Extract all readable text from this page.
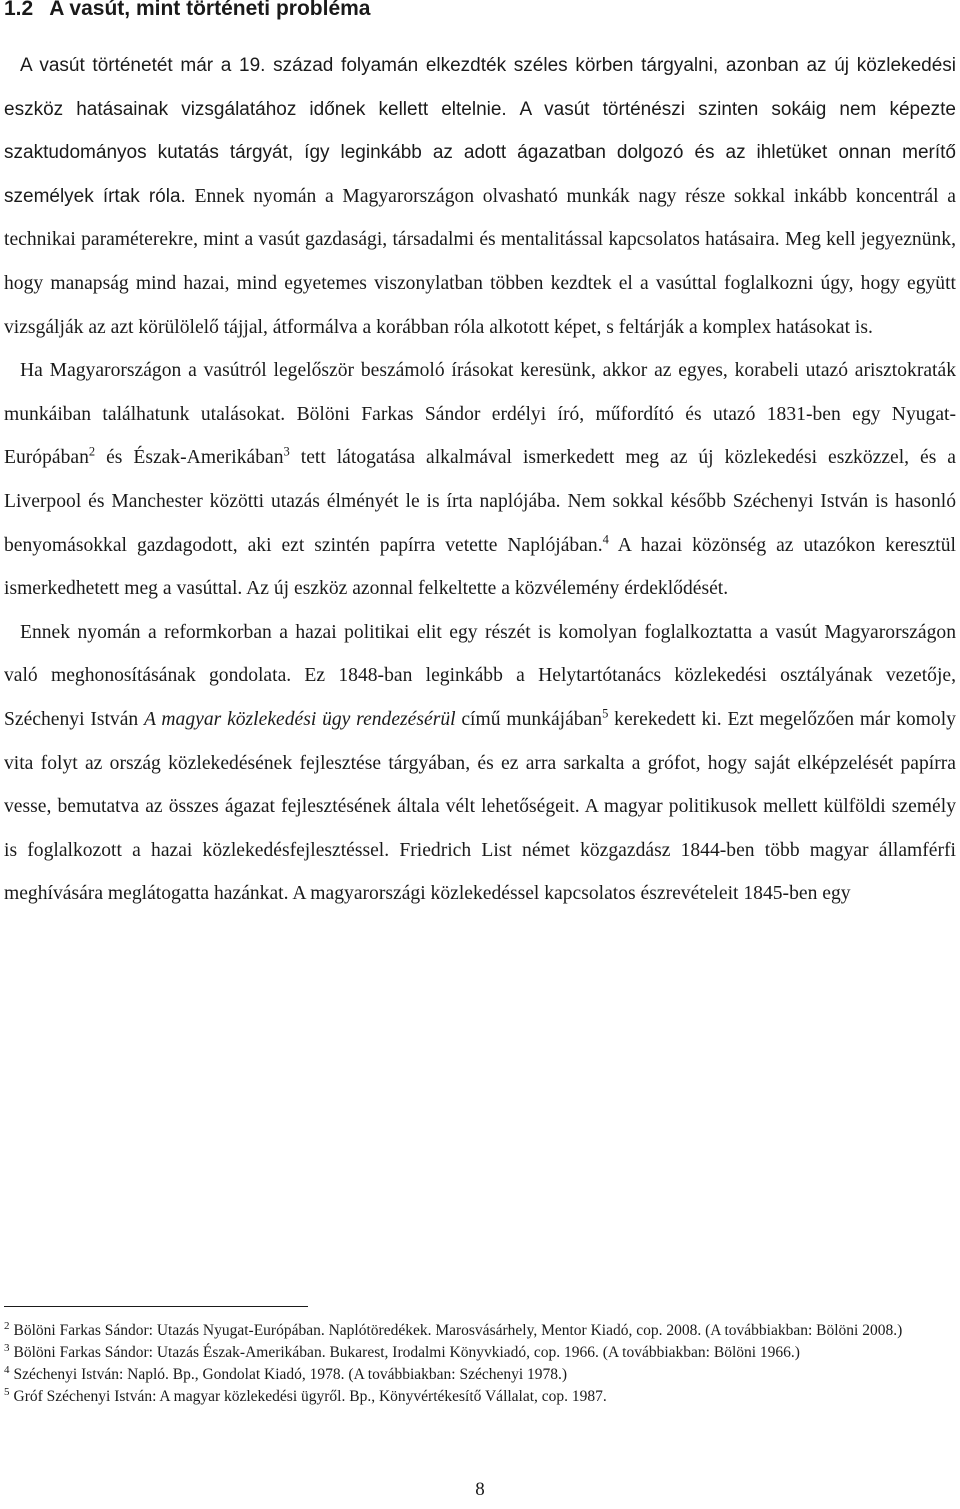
1.2 A vasút, mint történeti probléma

A vasút történetét már a 19. század folyamán elkezdték széles körben tárgyalni, azonban az új közlekedési eszköz hatásainak vizsgálatához időnek kellett eltelnie. A vasút történészi szinten sokáig nem képezte szaktudományos kutatás tárgyát, így leginkább az adott ágazatban dolgozó és az ihletüket onnan merítő személyek írtak róla. Ennek nyomán a Magyarországon olvasható munkák nagy része sokkal inkább koncentrál a technikai paraméterekre, mint a vasút gazdasági, társadalmi és mentalitással kapcsolatos hatásaira. Meg kell jegyeznünk, hogy manapság mind hazai, mind egyetemes viszonylatban többen kezdtek el a vasúttal foglalkozni úgy, hogy együtt vizsgálják az azt körülölelő tájjal, átformálva a korábban róla alkotott képet, s feltárják a komplex hatásokat is.

Ha Magyarországon a vasútról legelőször beszámoló írásokat keresünk, akkor az egyes, korabeli utazó arisztokraták munkáiban találhatunk utalásokat. Bölöni Farkas Sándor erdélyi író, műfordító és utazó 1831-ben egy Nyugat-Európában$^2$ és Észak-Amerikában$^3$ tett látogatása alkalmával ismerkedett meg az új közlekedési eszközzel, és a Liverpool és Manchester közötti utazás élményét le is írta naplójába. Nem sokkal később Széchenyi István is hasonló benyomásokkal gazdagodott, aki ezt szintén papírra vetette Naplójában.$^4$ A hazai közönség az utazókon keresztül ismerkedhetett meg a vasúttal. Az új eszköz azonnal felkeltette a közvélemény érdeklődését.

Ennek nyomán a reformkorban a hazai politikai elit egy részét is komolyan foglalkoztatta a vasút Magyarországon való meghonosításának gondolata. Ez 1848-ban leginkább a Helytartótanács közlekedési osztályának vezetője, Széchenyi István A magyar közlekedési ügy rendezésérül című munkájában$^5$ kerekedett ki. Ezt megelőzően már komoly vita folyt az ország közlekedésének fejlesztése tárgyában, és ez arra sarkalta a grófot, hogy saját elképzelését papírra vesse, bemutatva az összes ágazat fejlesztésének általa vélt lehetőségeit. A magyar politikusok mellett külföldi személy is foglalkozott a hazai közlekedésfejlesztéssel. Friedrich List német közgazdász 1844-ben több magyar államférfi meghívására meglátogatta hazánkat. A magyarországi közlekedéssel kapcsolatos észrevételeit 1845-ben egy

$^2$ Bölöni Farkas Sándor: Utazás Nyugat-Európában. Naplótöredékek. Marosvásárhely, Mentor Kiadó, cop. 2008. (A továbbiakban: Bölöni 2008.)

$^3$ Bölöni Farkas Sándor: Utazás Észak-Amerikában. Bukarest, Irodalmi Könyvkiadó, cop. 1966. (A továbbiakban: Bölöni 1966.)

$^4$ Széchenyi István: Napló. Bp., Gondolat Kiadó, 1978. (A továbbiakban: Széchenyi 1978.)

$^5$ Gróf Széchenyi István: A magyar közlekedési ügyről. Bp., Könyvértékesítő Vállalat, cop. 1987.

8
